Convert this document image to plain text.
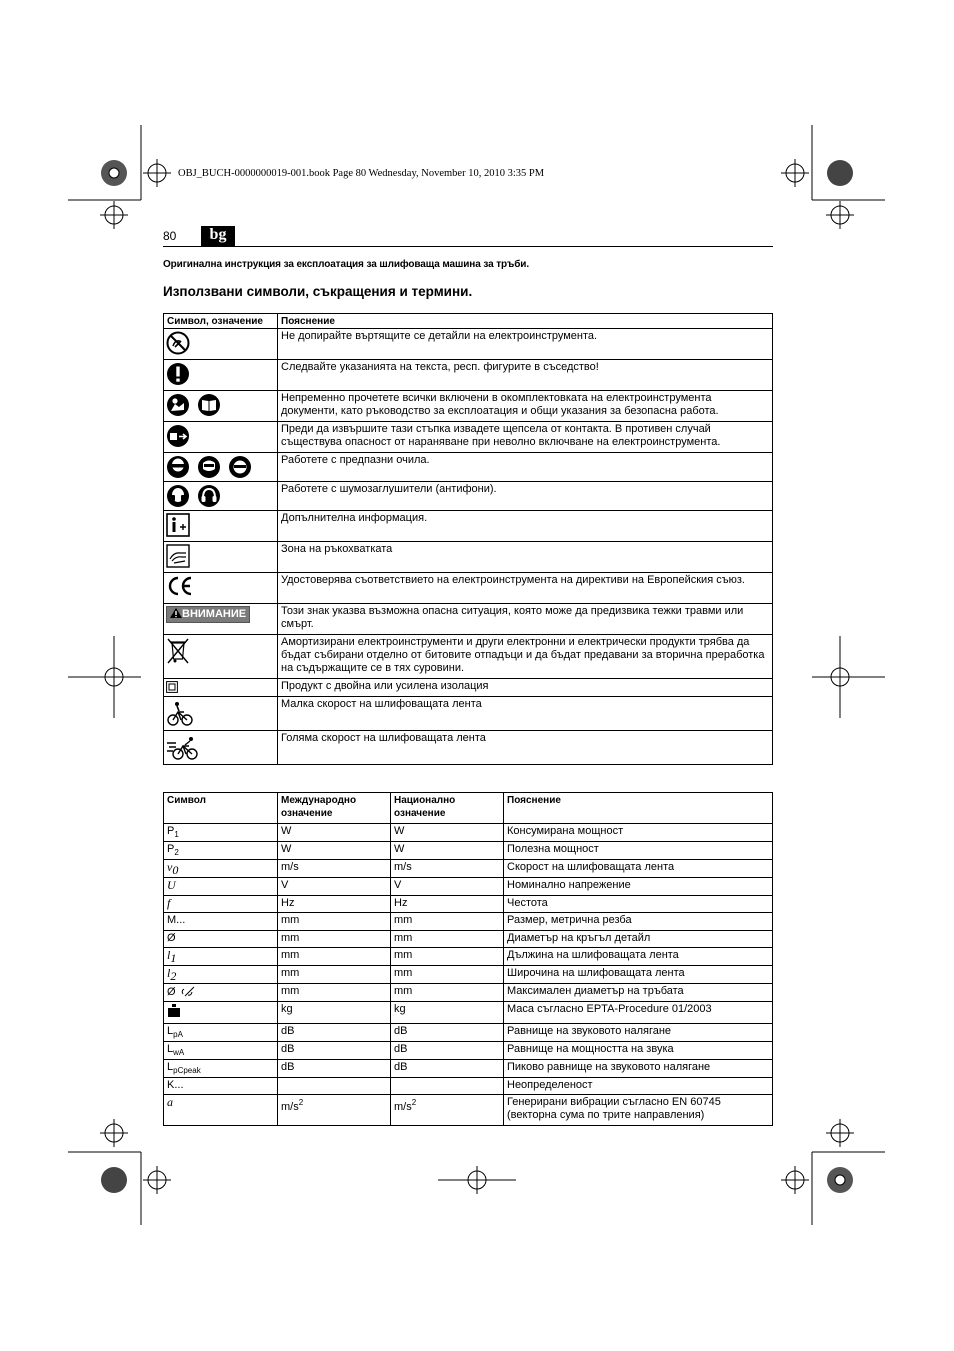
OBJ_BUCH-0000000019-001.book Page 80 Wednesday, November 10, 2010 3:35 PM
80	bg
Оригинална инструкция за експлоатация за шлифоваща машина за тръби.
Използвани символи, съкращения и термини.
Символ, означение	Пояснение
	Не допирайте въртящите се детайли на електроинструмента.
	Следвайте указанията на текста, респ. фигурите в съседство!
	Непременно прочетете всички включени в окомплектовката на електроинструмента документи, като ръководство за експлоатация и общи указания за безопасна работа.
	Преди да извършите тази стъпка извадете щепсела от контакта. В противен случай съществува опасност от нараняване при неволно включване на електроинструмента.
	Работете с предпазни очила.
	Работете с шумозаглушители (антифони).
	Допълнителна информация.
	Зона на ръкохватката
	Удостоверява съответствието на електроинструмента на директиви на Европейския съюз.
ВНИМАНИЕ	Този знак указва възможна опасна ситуация, която може да предизвика тежки травми или смърт.
	Амортизирани електроинструменти и други електронни и електрически продукти трябва да бъдат събирани отделно от битовите отпадъци и да бъдат предавани за вторична преработка на съдържащите се в тях суровини.
	Продукт с двойна или усилена изолация
	Малка скорост на шлифоващата лента
	Голяма скорост на шлифоващата лента
Символ	Международно означение	Национално означение	Пояснение
$P_1$	W	W	Консумирана мощност
$P_2$	W	W	Полезна мощност
v0	m/s	m/s	Скорост на шлифоващата лента
U	V	V	Номинално напрежение
f	Hz	Hz	Честота
M...	mm	mm	Размер, метрична резба
Ø	mm	mm	Диаметър на кръгъл детайл
l1	mm	mm	Дължина на шлифоващата лента
l2	mm	mm	Широчина на шлифоващата лента
Ø	mm	mm	Максимален диаметър на тръбата
	kg	kg	Маса съгласно EPTA-Procedure 01/2003
$L_{pA}$	dB	dB	Равнище на звуковото налягане
$L_{wA}$	dB	dB	Равнище на мощността на звука
$L_{pCpeak}$	dB	dB	Пиково равнище на звуковото налягане
K...			Неопределеност
a	$m/s^2$	$m/s^2$	Генерирани вибрации съгласно EN 60745 (векторна сума по трите направления)
